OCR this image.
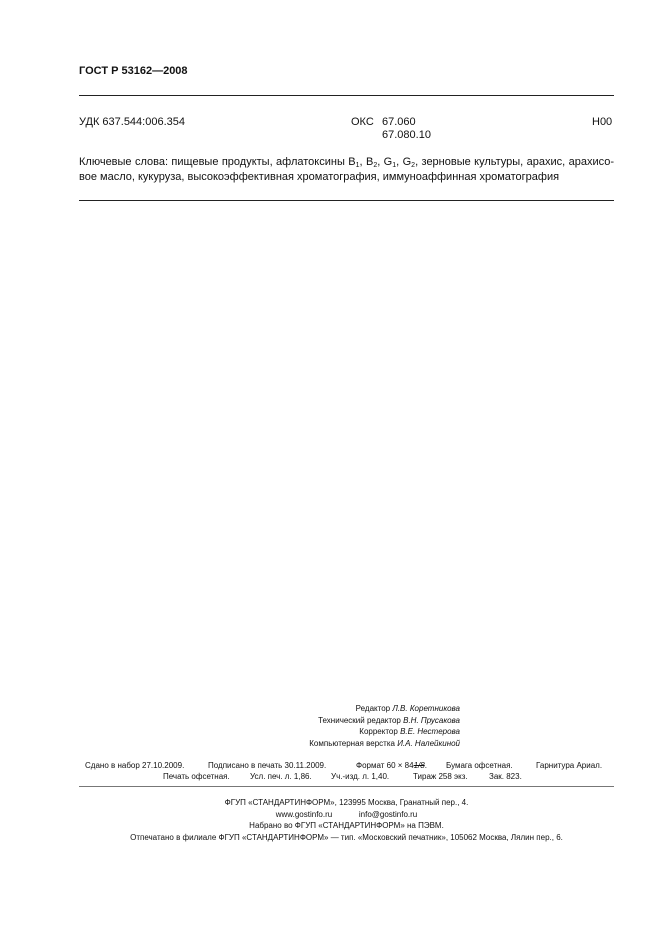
ГОСТ Р 53162—2008
УДК 637.544:006.354	ОКС 67.060
67.080.10
Н00
Ключевые слова: пищевые продукты, афлатоксины $B_1$, $B_2$, $G_1$, $G_2$, зерновые культуры, арахис, арахисо-
вое масло, кукуруза, высокоэффективная хроматография, иммуноаффинная хроматография
Редактор Л.В. Коретникова
Технический редактор В.Н. Прусакова
Корректор В.Е. Нестерова
Компьютерная верстка И.А. Налейкиной
Сдано в набор 27.10.2009.	Подписано в печать 30.11.2009.	Формат 60 × 841/8. Бумага офсетная.	Гарнитура Ариал.
Печать офсетная.	Усл. печ. л. 1,86. Уч.-изд. л. 1,40.	Тираж 258 экз.	Зак. 823.
ФГУП «СТАНДАРТИНФОРМ», 123995 Москва, Гранатный пер., 4.
www.gostinfo.ru	info@gostinfo.ru
Набрано во ФГУП «СТАНДАРТИНФОРМ» на ПЭВМ.
Отпечатано в филиале ФГУП «СТАНДАРТИНФОРМ» — тип. «Московский печатник», 105062 Москва, Лялин пер., 6.
